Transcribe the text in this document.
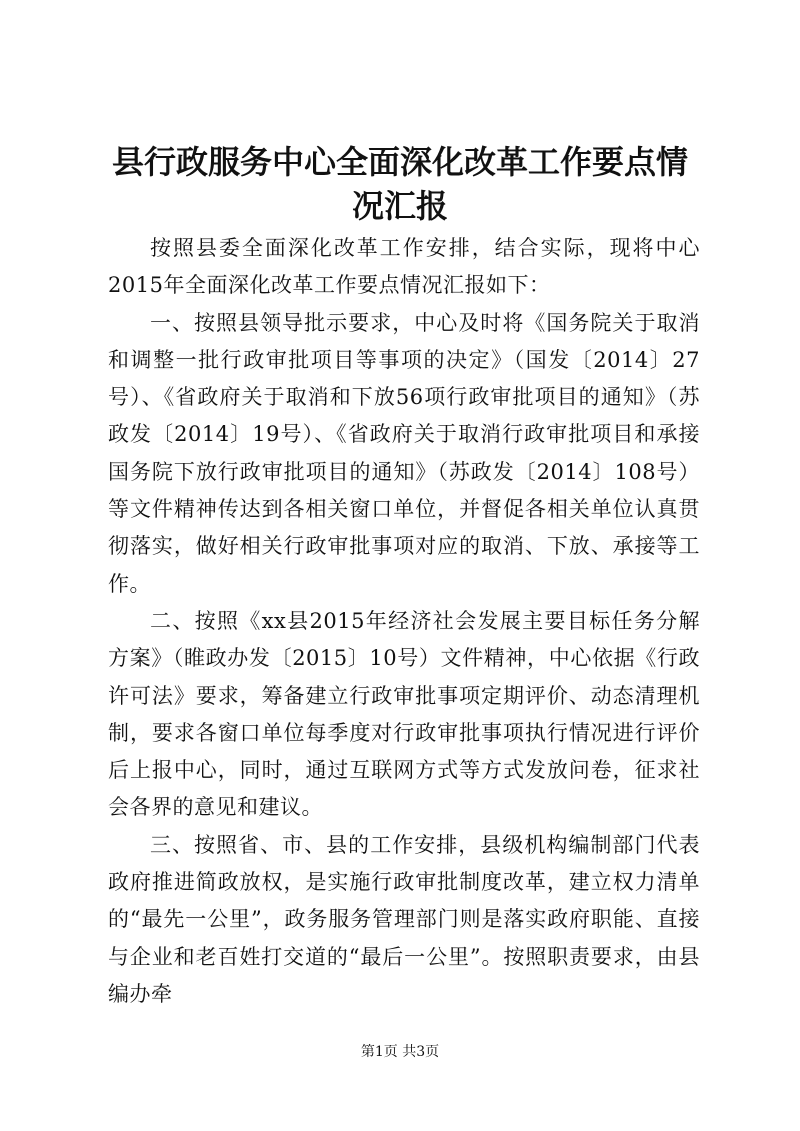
县行政服务中心全面深化改革工作要点情况汇报

按照县委全面深化改革工作安排，结合实际，现将中心2015年全面深化改革工作要点情况汇报如下：

一、按照县领导批示要求，中心及时将《国务院关于取消和调整一批行政审批项目等事项的决定》（国发〔2014〕27号）、《省政府关于取消和下放56项行政审批项目的通知》（苏政发〔2014〕19号）、《省政府关于取消行政审批项目和承接国务院下放行政审批项目的通知》（苏政发〔2014〕108号）等文件精神传达到各相关窗口单位，并督促各相关单位认真贯彻落实，做好相关行政审批事项对应的取消、下放、承接等工作。

二、按照《xx县2015年经济社会发展主要目标任务分解方案》（睢政办发〔2015〕10号）文件精神，中心依据《行政许可法》要求，筹备建立行政审批事项定期评价、动态清理机制，要求各窗口单位每季度对行政审批事项执行情况进行评价后上报中心，同时，通过互联网方式等方式发放问卷，征求社会各界的意见和建议。

三、按照省、市、县的工作安排，县级机构编制部门代表政府推进简政放权，是实施行政审批制度改革，建立权力清单的“最先一公里”，政务服务管理部门则是落实政府职能、直接与企业和老百姓打交道的“最后一公里”。按照职责要求，由县编办牵

第1页 共3页
